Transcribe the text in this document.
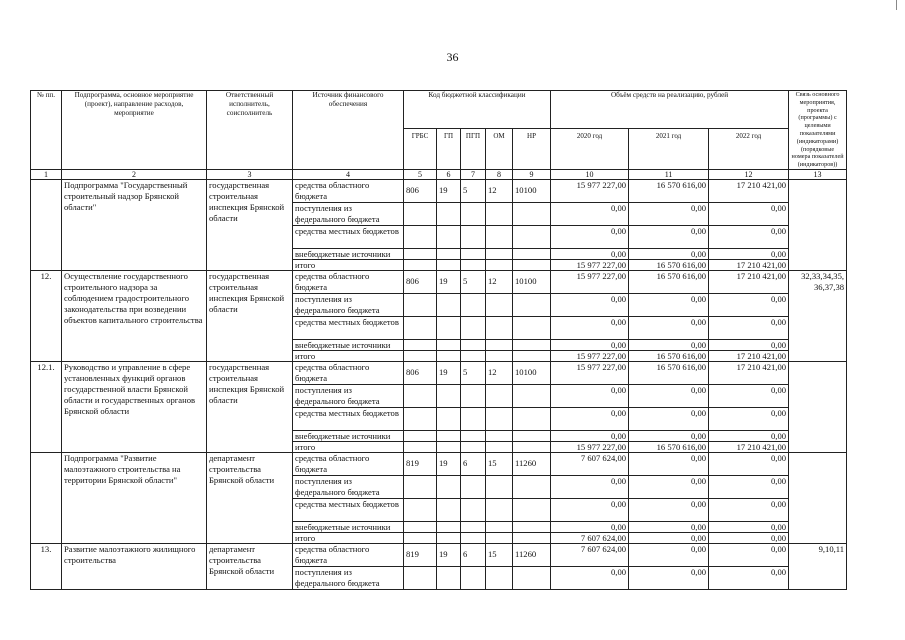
36
№ пп.	Подпрограмма, основное мероприятие (проект), направление расходов, мероприятие	Ответственный исполнитель, соисполнитель	Источник финансового обеспечения	Код бюджетной классификации					Объём средств на реализацию, рублей			Связь основного мероприятия, проекта (программы) с целевыми показателями (индикаторами) (порядковые номера показателей (индикаторов))
				ГРБС	ГП	ПГП	ОМ	НР	2020 год	2021 год	2022 год	
1	2	3	4	5	6	7	8	9	10	11	12	13
	Подпрограмма "Государственный строительный надзор Брянской области"	государственная строительная инспекция Брянской области	средства областного бюджета	806	19	5	12	10100	15 977 227,00	16 570 616,00	17 210 421,00	
			поступления из федерального бюджета						0,00	0,00	0,00	
			средства местных бюджетов						0,00	0,00	0,00	
			внебюджетные источники						0,00	0,00	0,00	
			итого						15 977 227,00	16 570 616,00	17 210 421,00	
12.	Осуществление государственного строительного надзора за соблюдением градостроительного законодательства при возведении объектов капитального строительства	государственная строительная инспекция Брянской области	средства областного бюджета	806	19	5	12	10100	15 977 227,00	16 570 616,00	17 210 421,00	32,33,34,35, 36,37,38
			поступления из федерального бюджета						0,00	0,00	0,00	
			средства местных бюджетов						0,00	0,00	0,00	
			внебюджетные источники						0,00	0,00	0,00	
			итого						15 977 227,00	16 570 616,00	17 210 421,00	
12.1.	Руководство и управление в сфере установленных функций органов государственной власти Брянской области и государственных органов Брянской области	государственная строительная инспекция Брянской области	средства областного бюджета	806	19	5	12	10100	15 977 227,00	16 570 616,00	17 210 421,00	
			поступления из федерального бюджета						0,00	0,00	0,00	
			средства местных бюджетов						0,00	0,00	0,00	
			внебюджетные источники						0,00	0,00	0,00	
			итого						15 977 227,00	16 570 616,00	17 210 421,00	
	Подпрограмма "Развитие малоэтажного строительства на территории Брянской области"	департамент строительства Брянской области	средства областного бюджета	819	19	6	15	11260	7 607 624,00	0,00	0,00	
			поступления из федерального бюджета						0,00	0,00	0,00	
			средства местных бюджетов						0,00	0,00	0,00	
			внебюджетные источники						0,00	0,00	0,00	
			итого						7 607 624,00	0,00	0,00	
13.	Развитие малоэтажного жилищного строительства	департамент строительства Брянской области	средства областного бюджета	819	19	6	15	11260	7 607 624,00	0,00	0,00	9,10,11
			поступления из федерального бюджета						0,00	0,00	0,00	
